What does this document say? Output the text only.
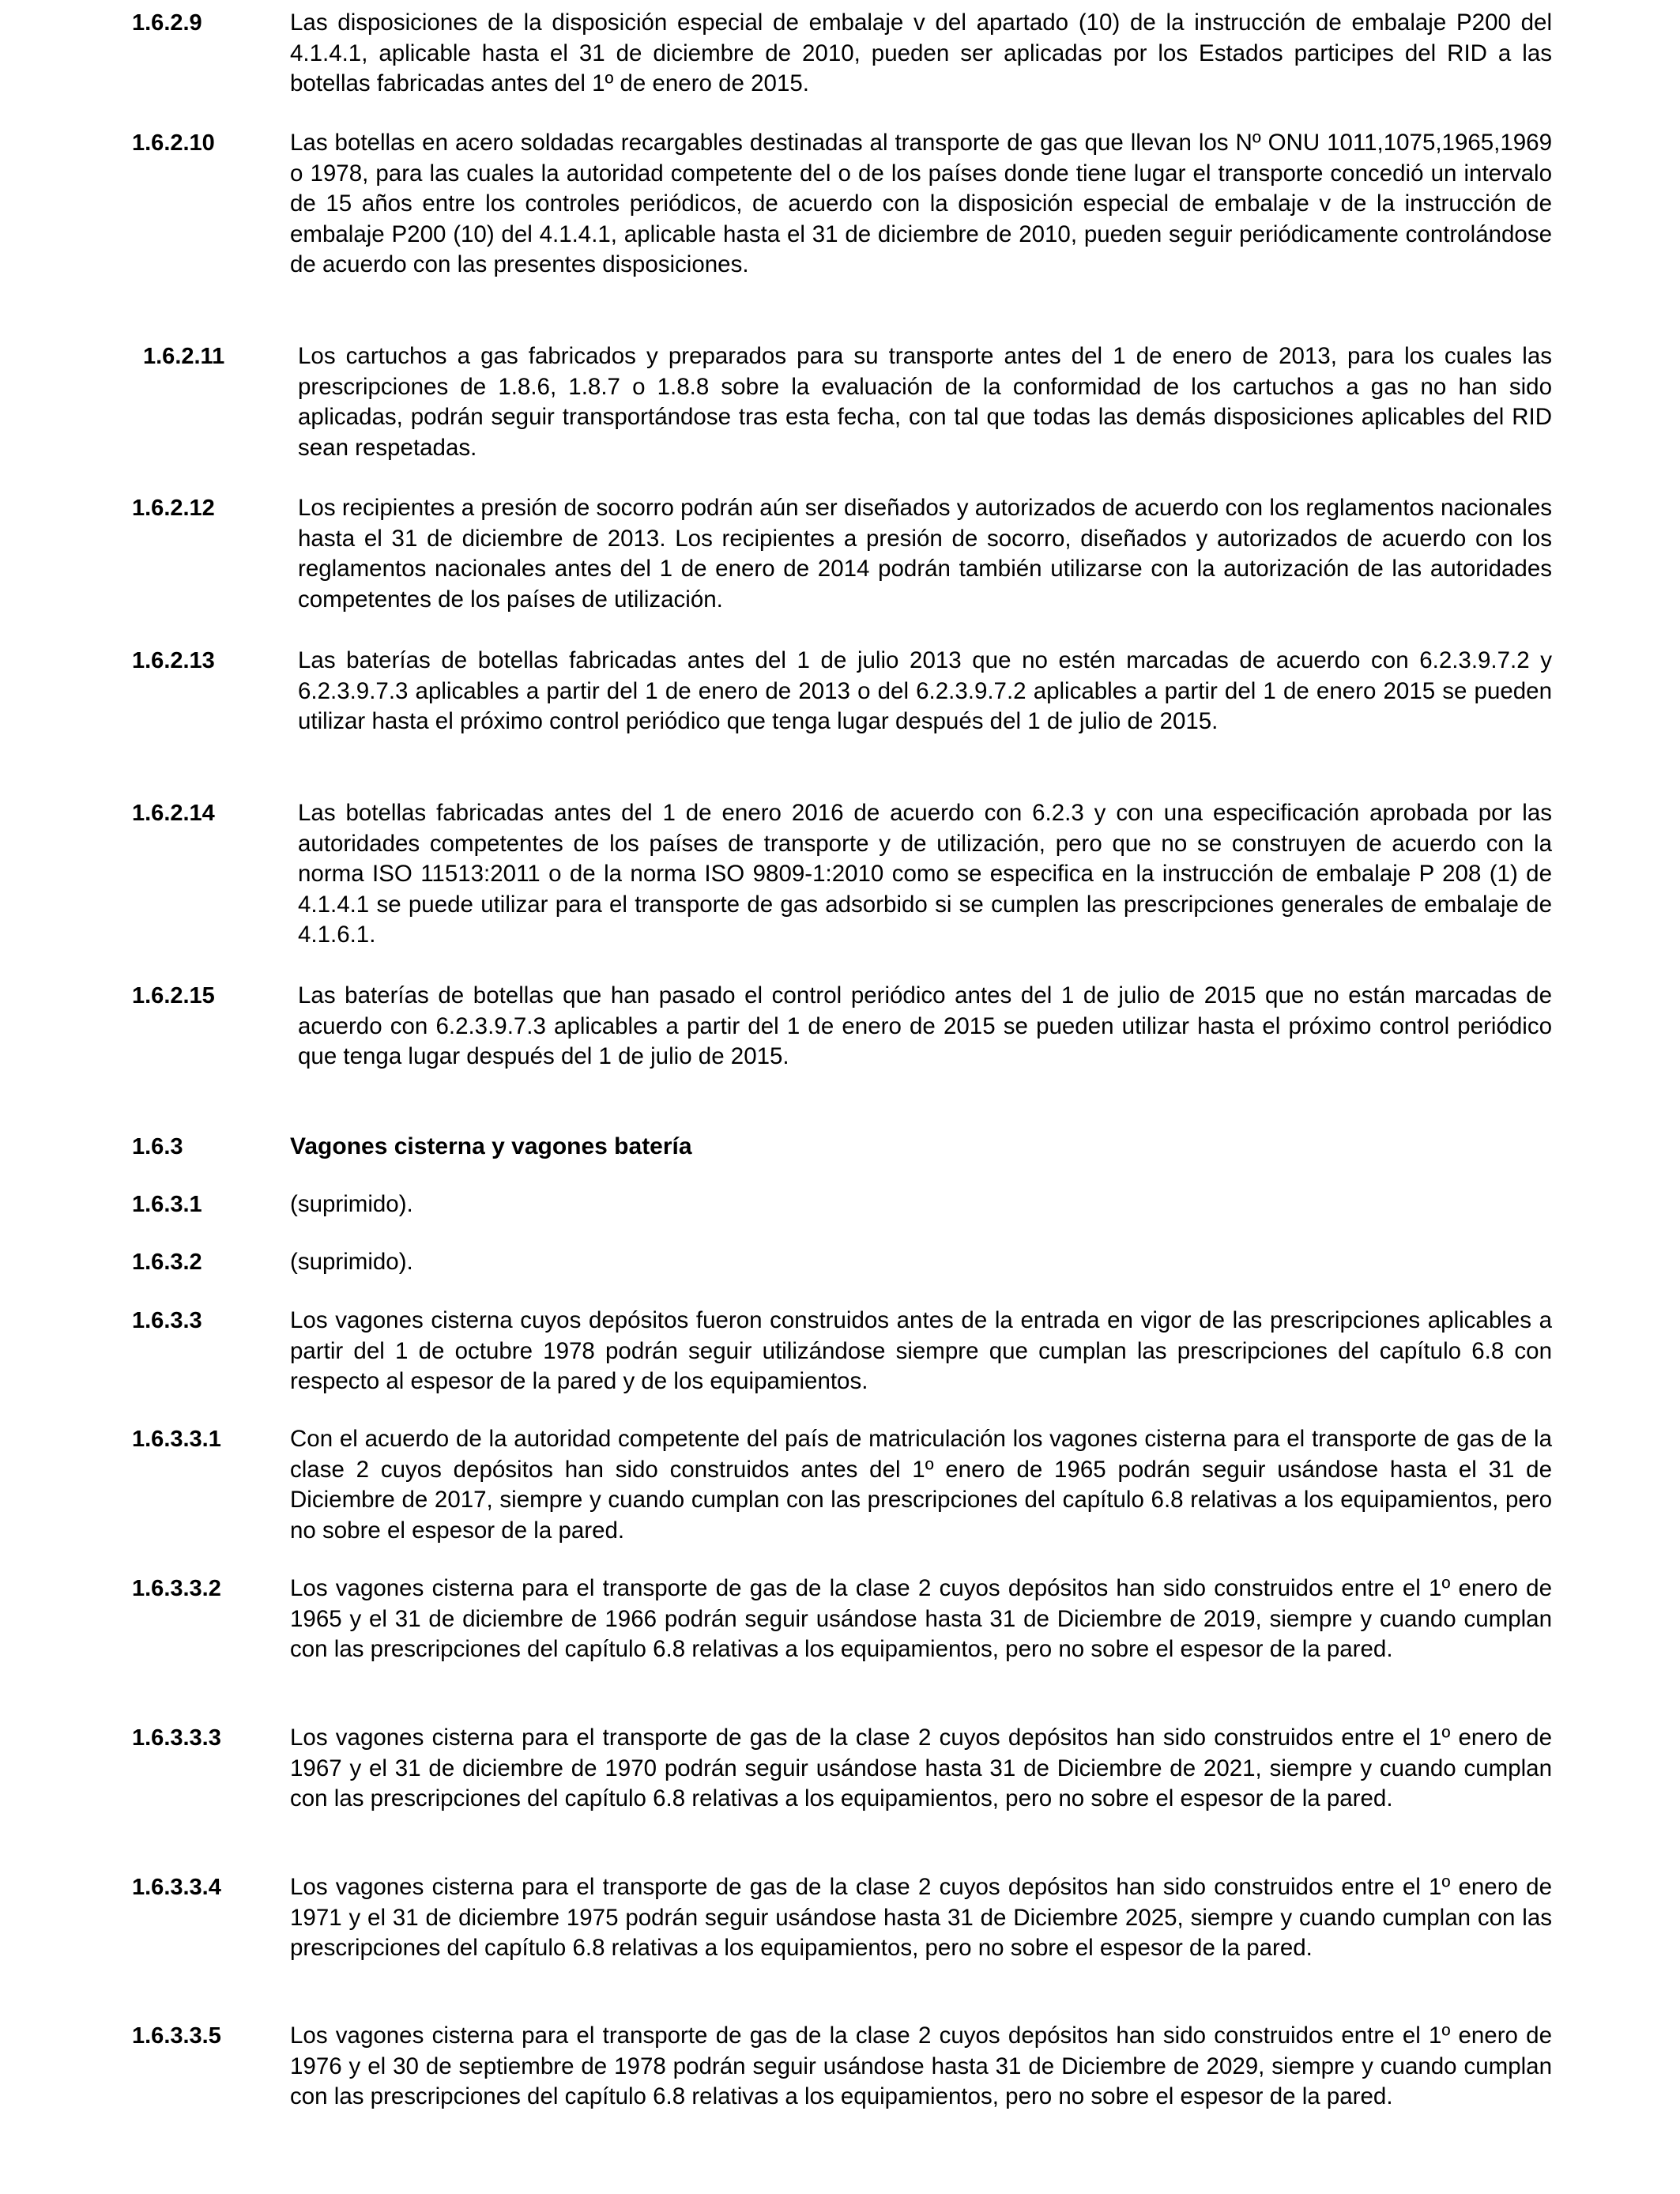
1.6.2.9	Las disposiciones de la disposición especial de embalaje v del apartado (10) de la instrucción de embalaje P200 del 4.1.4.1, aplicable hasta el 31 de diciembre de 2010, pueden ser aplicadas por los Estados participes del RID a las botellas fabricadas antes del 1º de enero de 2015.
1.6.2.10	Las botellas en acero soldadas recargables destinadas al transporte de gas que llevan los Nº ONU 1011,1075,1965,1969 o 1978, para las cuales la autoridad competente del o de los países donde tiene lugar el transporte concedió un intervalo de 15 años entre los controles periódicos, de acuerdo con la disposición especial de embalaje v de la instrucción de embalaje P200 (10) del 4.1.4.1, aplicable hasta el 31 de diciembre de 2010, pueden seguir periódicamente controlándose de acuerdo con las presentes disposiciones.
1.6.2.11	Los cartuchos a gas fabricados y preparados para su transporte antes del 1 de enero de 2013, para los cuales las prescripciones de 1.8.6, 1.8.7 o 1.8.8 sobre la evaluación de la conformidad de los cartuchos a gas no han sido aplicadas, podrán seguir transportándose tras esta fecha, con tal que todas las demás disposiciones aplicables del RID sean respetadas.
1.6.2.12	Los recipientes a presión de socorro podrán aún ser diseñados y autorizados de acuerdo con los reglamentos nacionales hasta el 31 de diciembre de 2013. Los recipientes a presión de socorro, diseñados y autorizados de acuerdo con los reglamentos nacionales antes del 1 de enero de 2014 podrán también utilizarse con la autorización de las autoridades competentes de los países de utilización.
1.6.2.13	Las baterías de botellas fabricadas antes del 1 de julio 2013 que no estén marcadas de acuerdo con 6.2.3.9.7.2 y 6.2.3.9.7.3 aplicables a partir del 1 de enero de 2013 o del 6.2.3.9.7.2 aplicables a partir del 1 de enero 2015 se pueden utilizar hasta el próximo control periódico que tenga lugar después del 1 de julio de 2015.
1.6.2.14	Las botellas fabricadas antes del 1 de enero 2016 de acuerdo con 6.2.3 y con una especificación aprobada por las autoridades competentes de los países de transporte y de utilización, pero que no se construyen de acuerdo con la norma ISO 11513:2011 o de la norma ISO 9809-1:2010 como se especifica en la instrucción de embalaje P 208 (1) de 4.1.4.1 se puede utilizar para el transporte de gas adsorbido si se cumplen las prescripciones generales de embalaje de 4.1.6.1.
1.6.2.15	Las baterías de botellas que han pasado el control periódico antes del 1 de julio de 2015 que no están marcadas de acuerdo con 6.2.3.9.7.3 aplicables a partir del 1 de enero de 2015 se pueden utilizar hasta el próximo control periódico que tenga lugar después del 1 de julio de 2015.
1.6.3	Vagones cisterna y vagones batería
1.6.3.1	(suprimido).
1.6.3.2	(suprimido).
1.6.3.3	Los vagones cisterna cuyos depósitos fueron construidos antes de la entrada en vigor de las prescripciones aplicables a partir del 1 de octubre 1978 podrán seguir utilizándose siempre que cumplan las prescripciones del capítulo 6.8 con respecto al espesor de la pared y de los equipamientos.
1.6.3.3.1	Con el acuerdo de la autoridad competente del país de matriculación los vagones cisterna para el transporte de gas de la clase 2 cuyos depósitos han sido construidos antes del 1º enero de 1965 podrán seguir usándose hasta el 31 de Diciembre de 2017, siempre y cuando cumplan con las prescripciones del capítulo 6.8 relativas a los equipamientos, pero no sobre el espesor de la pared.
1.6.3.3.2	Los vagones cisterna para el transporte de gas de la clase 2 cuyos depósitos han sido construidos entre el 1º enero de 1965 y el 31 de diciembre de 1966 podrán seguir usándose hasta 31 de Diciembre de 2019, siempre y cuando cumplan con las prescripciones del capítulo 6.8 relativas a los equipamientos, pero no sobre el espesor de la pared.
1.6.3.3.3	Los vagones cisterna para el transporte de gas de la clase 2 cuyos depósitos han sido construidos entre el 1º enero de 1967 y el 31 de diciembre de 1970 podrán seguir usándose hasta 31 de Diciembre de 2021, siempre y cuando cumplan con las prescripciones del capítulo 6.8 relativas a los equipamientos, pero no sobre el espesor de la pared.
1.6.3.3.4	Los vagones cisterna para el transporte de gas de la clase 2 cuyos depósitos han sido construidos entre el 1º enero de 1971 y el 31 de diciembre 1975 podrán seguir usándose hasta 31 de Diciembre 2025, siempre y cuando cumplan con las prescripciones del capítulo 6.8 relativas a los equipamientos, pero no sobre el espesor de la pared.
1.6.3.3.5	Los vagones cisterna para el transporte de gas de la clase 2 cuyos depósitos han sido construidos entre el 1º enero de 1976 y el 30 de septiembre de 1978 podrán seguir usándose hasta 31 de Diciembre de 2029, siempre y cuando cumplan con las prescripciones del capítulo 6.8 relativas a los equipamientos, pero no sobre el espesor de la pared.
